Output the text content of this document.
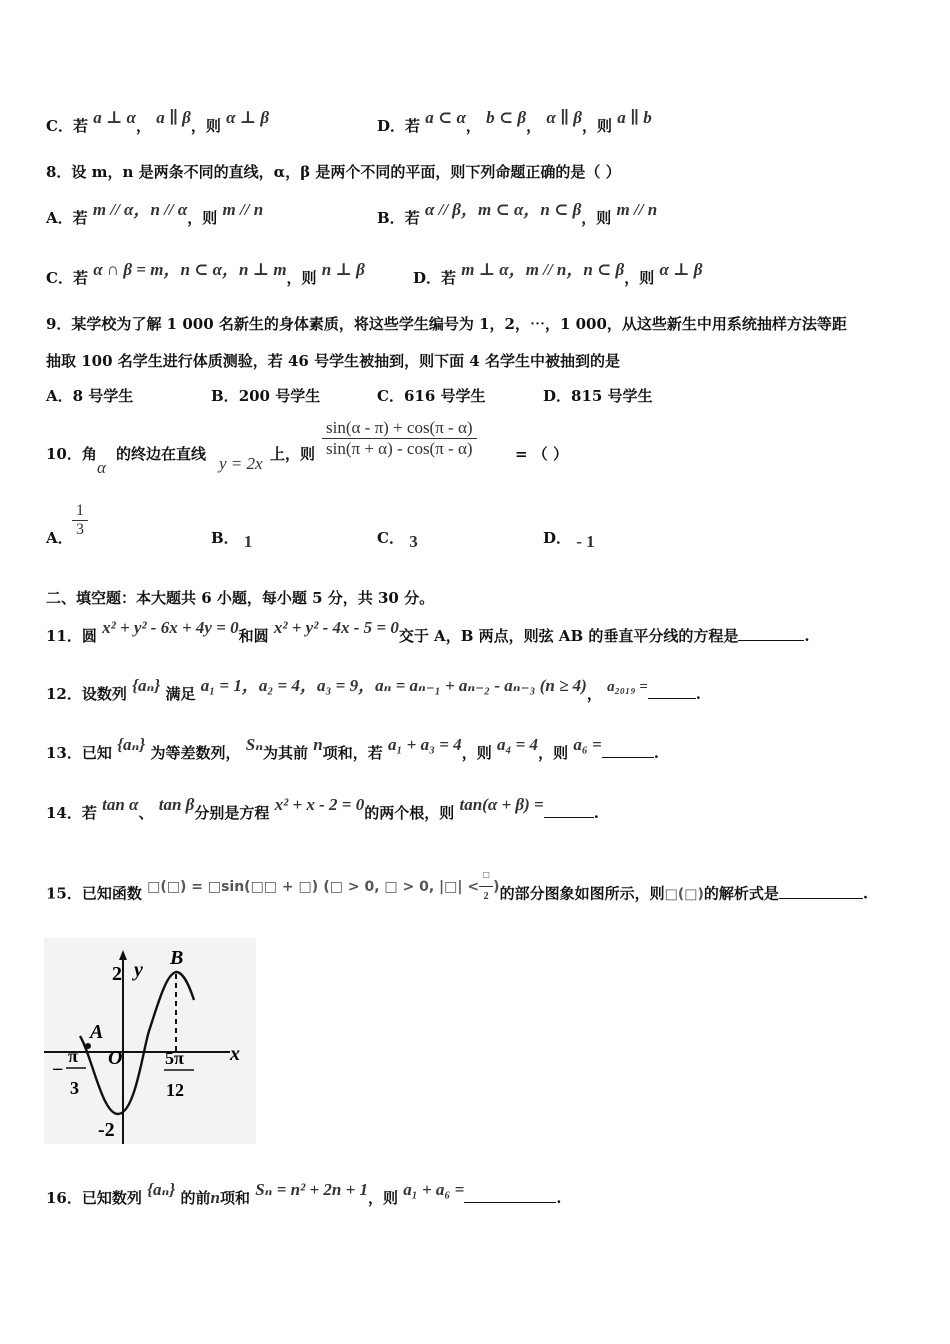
C．若 a ⊥ α， a ∥ β，则 α ⊥ β	D．若 a ⊂ α， b ⊂ β， α ∥ β，则 a ∥ b
8．设 m，n 是两条不同的直线，α，β 是两个不同的平面，则下列命题正确的是（ ）
A．若 m // α，n // α，则 m // n	B．若 α // β，m ⊂ α，n ⊂ β，则 m // n
C．若 α ∩ β = m，n ⊂ α，n ⊥ m，则 n ⊥ β	D．若 m ⊥ α，m // n，n ⊂ β，则 α ⊥ β
9．某学校为了解 1 000 名新生的身体素质，将这些学生编号为 1，2，⋯，1 000，从这些新生中用系统抽样方法等距
抽取 100 名学生进行体质测验，若 46 号学生被抽到，则下面 4 名学生中被抽到的是
A．8 号学生	B．200 号学生	C．616 号学生	D．815 号学生
10．角
α
的终边在直线 y = 2x 上，则 $\frac{\sin(\alpha - \pi) + \cos(\pi - \alpha)}{\sin(\pi + \alpha) - \cos(\pi - \alpha)}$	= （ ）
A． $\frac{1}{3}$	B． 1	C． 3	D． - 1
二、填空题：本大题共 6 小题，每小题 5 分，共 30 分。
11．圆 x² + y² - 6x + 4y = 0和圆 x² + y² - 4x - 5 = 0交于 A，B 两点，则弦 AB 的垂直平分线的方程是	.
12．设数列 {aₙ} 满足 a₁ = 1，a₂ = 4，a₃ = 9，aₙ = aₙ₋₁ + aₙ₋₂ - aₙ₋₃ (n ≥ 4)， a₂₀₁₉ =	.
13．已知 {aₙ} 为等差数列， Sₙ为其前 n项和，若 a₁ + a₃ = 4，则 a₄ = 4，则 a₆ =	.
14．若 tan α、 tan β分别是方程 x² + x - 2 = 0的两个根，则 tan(α + β) =	.
15．已知函数 □(□) = □sin(□□ + □) (□ > 0, □ > 0, |□| < $\frac{□}{2}$ )的部分图象如图所示，则□(□)的解析式是	.
2 y
B
A
x
O
−
π
3
5π
12
-2
16．已知数列 {aₙ} 的前n项和 Sₙ = n² + 2n + 1，则 a₁ + a₆ =	.
